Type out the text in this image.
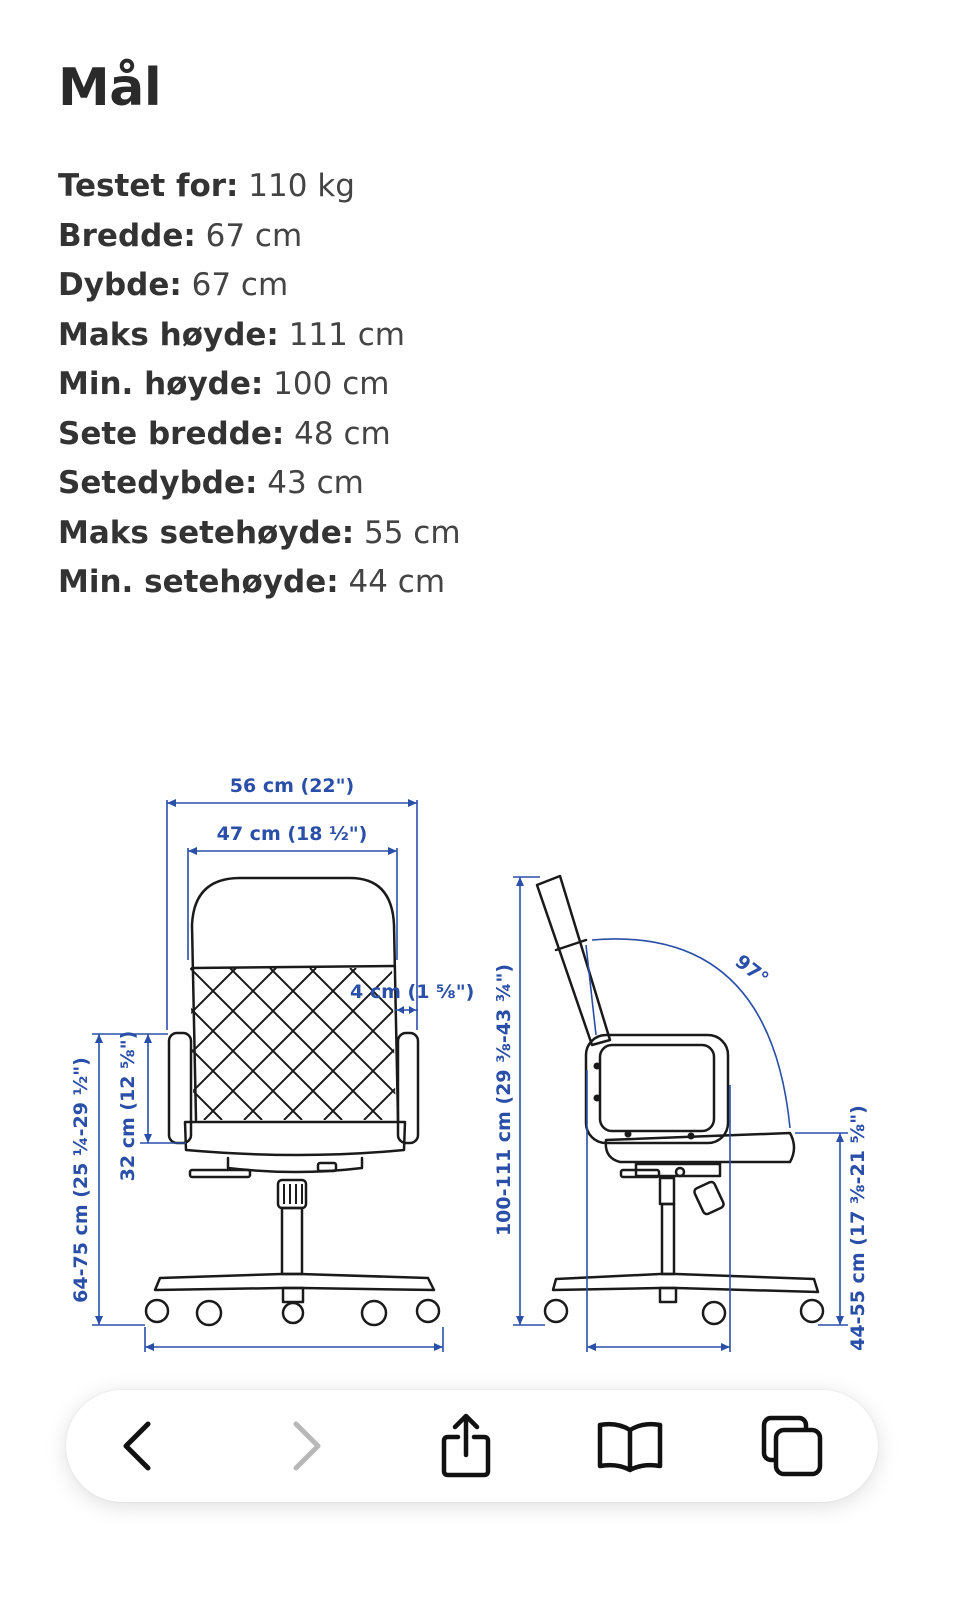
Mål
Testet for: 110 kg
Bredde: 67 cm
Dybde: 67 cm
Maks høyde: 111 cm
Min. høyde: 100 cm
Sete bredde: 48 cm
Setedybde: 43 cm
Maks setehøyde: 55 cm
Min. setehøyde: 44 cm
56 cm (22")
47 cm (18 ½")
4 cm (1 ⅝")
32 cm (12 ⅝")
64-75 cm (25 ¼-29 ½")	100-111 cm (29 ⅜-43 ¾")	97°
44-55 cm (17 ⅜-21 ⅝")
